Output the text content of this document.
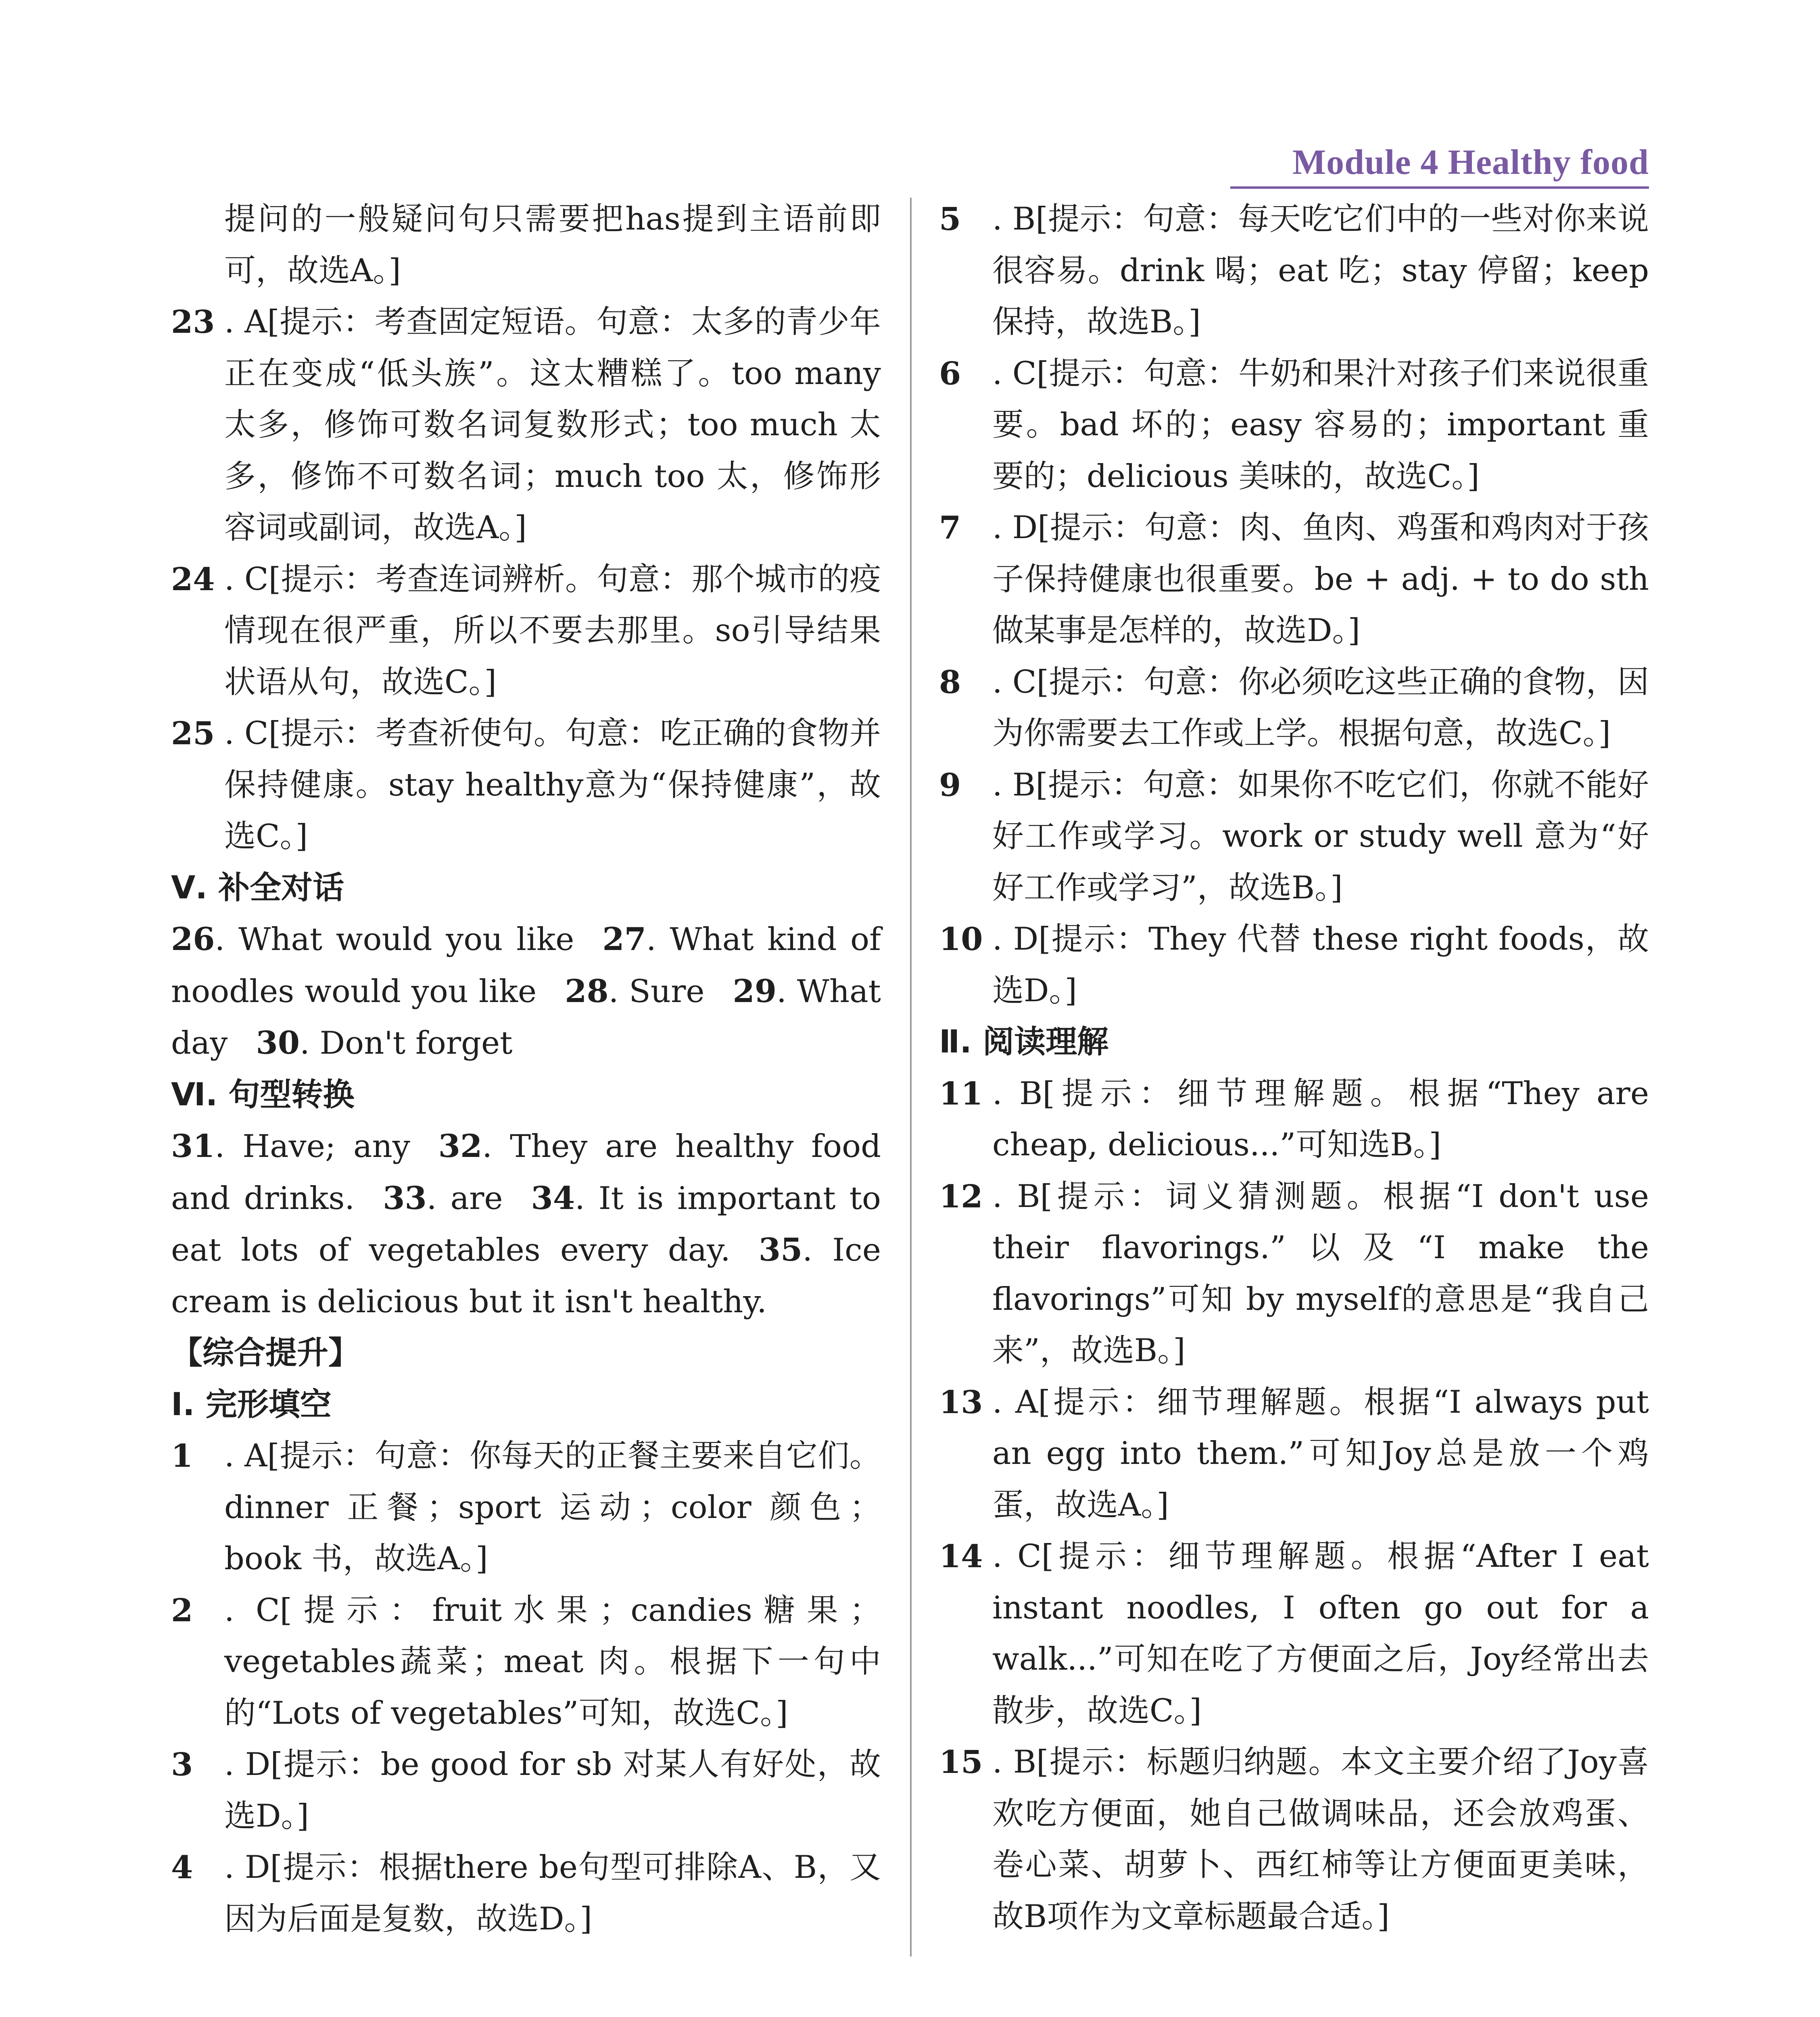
Module 4 Healthy food
提问的一般疑问句只需要把has提到主语前即可，故选A。]
23 . A[提示：考查固定短语。句意：太多的青少年正在变成“低头族”。这太糟糕了。too many 太多，修饰可数名词复数形式；too much 太多，修饰不可数名词；much too 太，修饰形容词或副词，故选A。]
24 . C[提示：考查连词辨析。句意：那个城市的疫情现在很严重，所以不要去那里。so引导结果状语从句，故选C。]
25 . C[提示：考查祈使句。句意：吃正确的食物并保持健康。stay healthy意为“保持健康”，故选C。]
Ⅴ. 补全对话
26. What would you like 27. What kind of noodles would you like 28. Sure 29. What day 30. Don't forget
Ⅵ. 句型转换
31. Have; any 32. They are healthy food and drinks. 33. are 34. It is important to eat lots of vegetables every day. 35. Ice cream is delicious but it isn't healthy.
【综合提升】
Ⅰ. 完形填空
1 . A[提示：句意：你每天的正餐主要来自它们。dinner 正餐；sport 运动；color 颜色；book 书，故选A。]
2 . C[提示：fruit水果；candies糖果；vegetables蔬菜；meat 肉。根据下一句中的“Lots of vegetables”可知，故选C。]
3 . D[提示：be good for sb 对某人有好处，故选D。]
4 . D[提示：根据there be句型可排除A、B，又因为后面是复数，故选D。]
5 . B[提示：句意：每天吃它们中的一些对你来说很容易。drink 喝；eat 吃；stay 停留；keep 保持，故选B。]
6 . C[提示：句意：牛奶和果汁对孩子们来说很重要。bad 坏的；easy 容易的；important 重要的；delicious 美味的，故选C。]
7 . D[提示：句意：肉、鱼肉、鸡蛋和鸡肉对于孩子保持健康也很重要。be + adj. + to do sth 做某事是怎样的，故选D。]
8 . C[提示：句意：你必须吃这些正确的食物，因为你需要去工作或上学。根据句意，故选C。]
9 . B[提示：句意：如果你不吃它们，你就不能好好工作或学习。work or study well 意为“好好工作或学习”，故选B。]
10 . D[提示：They 代替 these right foods，故选D。]
Ⅱ. 阅读理解
11 . B[提示：细节理解题。根据“They are cheap, delicious...”可知选B。]
12 . B[提示：词义猜测题。根据“I don't use their flavorings.”以及“I make the flavorings”可知 by myself的意思是“我自己来”，故选B。]
13 . A[提示：细节理解题。根据“I always put an egg into them.”可知Joy总是放一个鸡蛋，故选A。]
14 . C[提示：细节理解题。根据“After I eat instant noodles, I often go out for a walk...”可知在吃了方便面之后，Joy经常出去散步，故选C。]
15 . B[提示：标题归纳题。本文主要介绍了Joy喜欢吃方便面，她自己做调味品，还会放鸡蛋、卷心菜、胡萝卜、西红柿等让方便面更美味，故B项作为文章标题最合适。]
